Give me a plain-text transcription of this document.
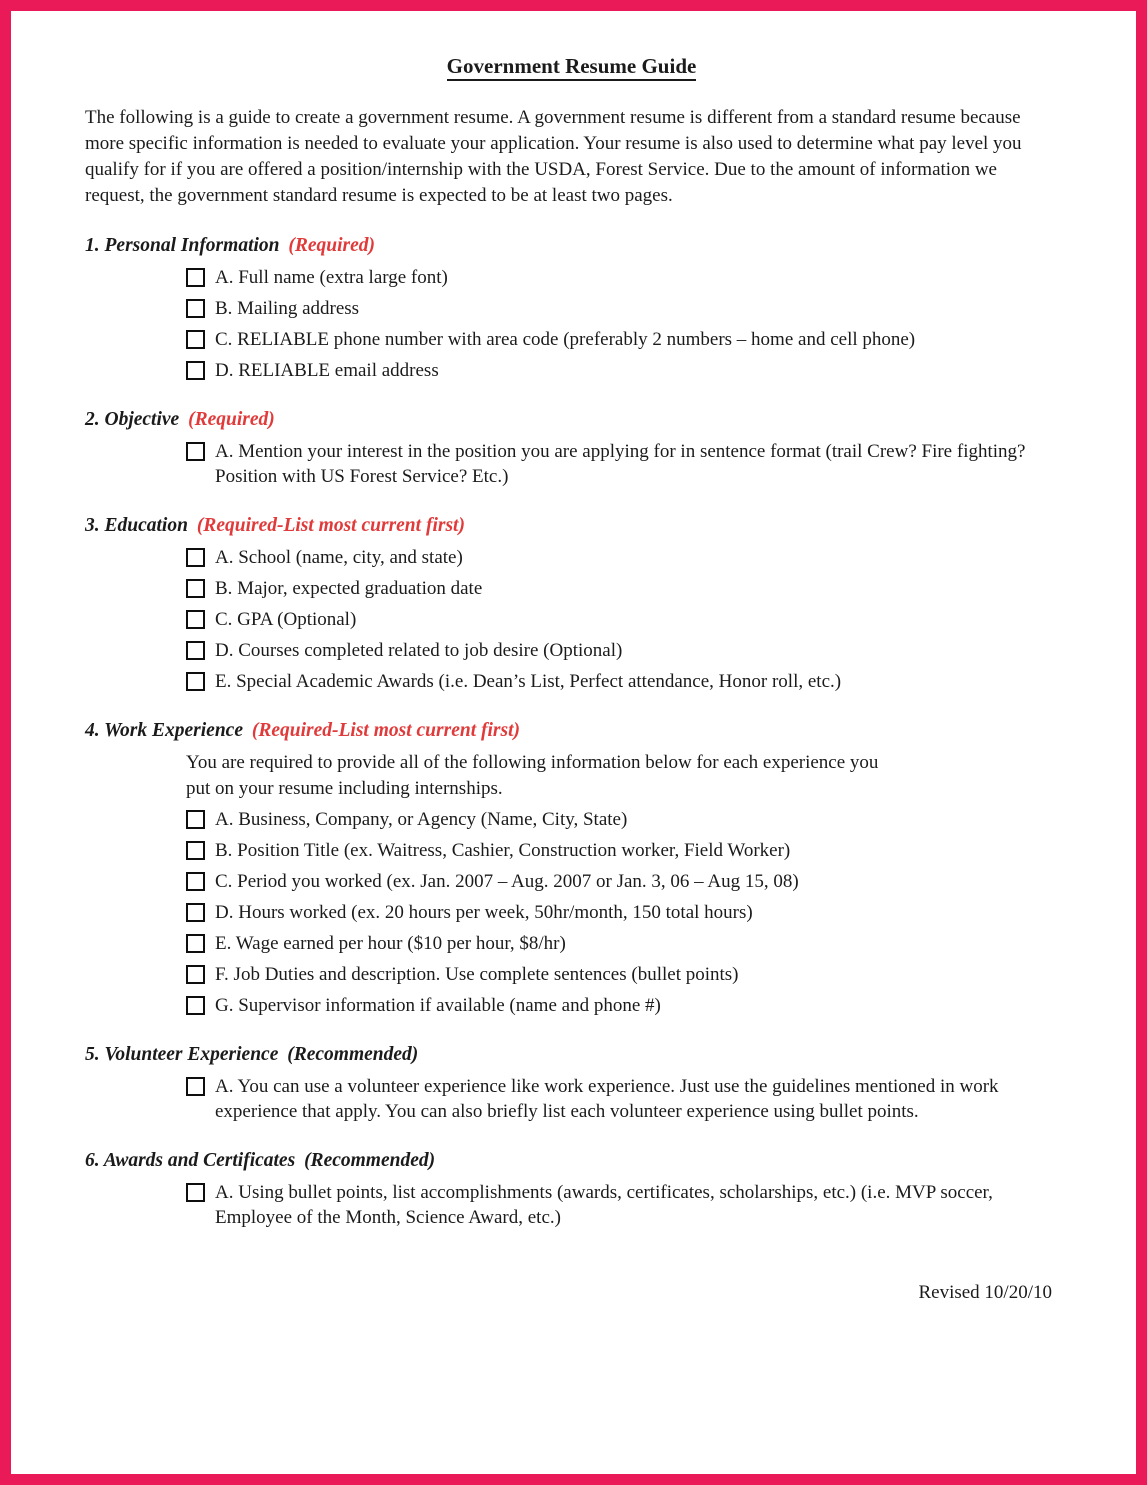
Government Resume Guide

The following is a guide to create a government resume. A government resume is different from a standard resume because more specific information is needed to evaluate your application. Your resume is also used to determine what pay level you qualify for if you are offered a position/internship with the USDA, Forest Service. Due to the amount of information we request, the government standard resume is expected to be at least two pages.

1. Personal Information (Required)
A. Full name (extra large font)
B. Mailing address
C. RELIABLE phone number with area code (preferably 2 numbers – home and cell phone)
D. RELIABLE email address
2. Objective (Required)
A. Mention your interest in the position you are applying for in sentence format (trail Crew? Fire fighting? Position with US Forest Service? Etc.)
3. Education (Required-List most current first)
A. School (name, city, and state)
B. Major, expected graduation date
C. GPA (Optional)
D. Courses completed related to job desire (Optional)
E. Special Academic Awards (i.e. Dean’s List, Perfect attendance, Honor roll, etc.)
4. Work Experience (Required-List most current first)

You are required to provide all of the following information below for each experience you put on your resume including internships.

A. Business, Company, or Agency (Name, City, State)
B. Position Title (ex. Waitress, Cashier, Construction worker, Field Worker)
C. Period you worked (ex. Jan. 2007 – Aug. 2007 or Jan. 3, 06 – Aug 15, 08)
D. Hours worked (ex. 20 hours per week, 50hr/month, 150 total hours)
E. Wage earned per hour ($10 per hour, $8/hr)
F. Job Duties and description. Use complete sentences (bullet points)
G. Supervisor information if available (name and phone #)
5. Volunteer Experience (Recommended)
A. You can use a volunteer experience like work experience. Just use the guidelines mentioned in work experience that apply. You can also briefly list each volunteer experience using bullet points.
6. Awards and Certificates (Recommended)
A. Using bullet points, list accomplishments (awards, certificates, scholarships, etc.) (i.e. MVP soccer, Employee of the Month, Science Award, etc.)
Revised 10/20/10
